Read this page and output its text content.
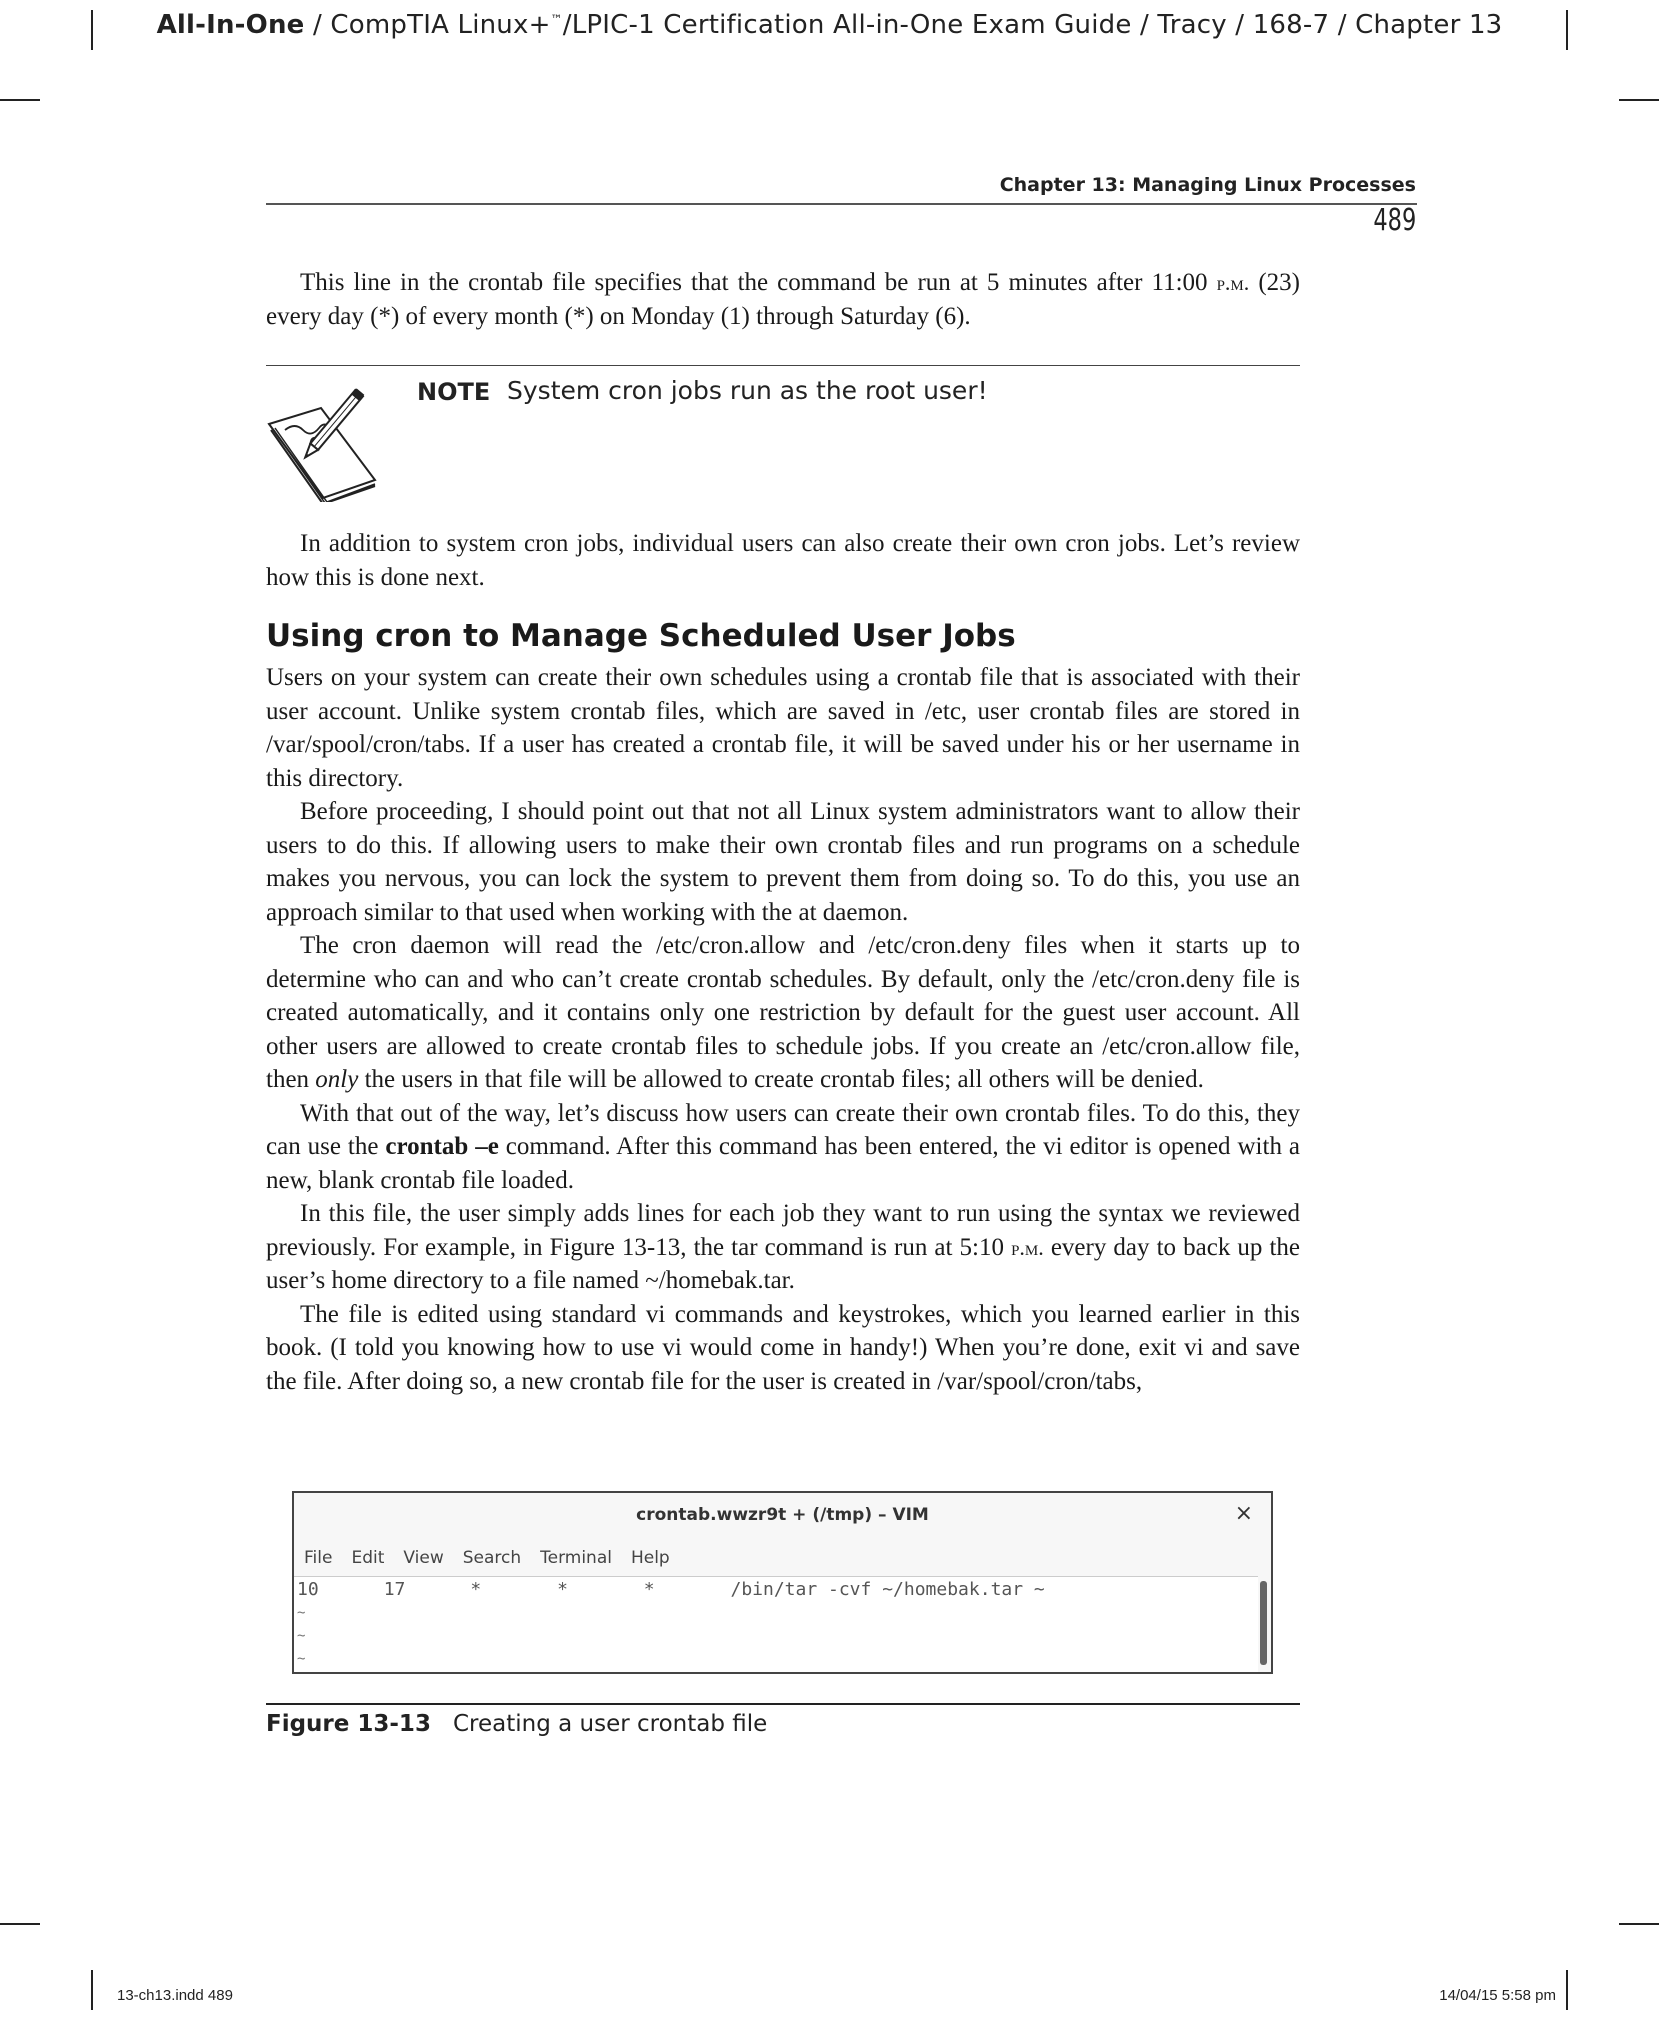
All-In-One / CompTIA Linux+™/LPIC-1 Certification All-in-One Exam Guide / Tracy / 168-7 / Chapter 13
Chapter 13: Managing Linux Processes
489

This line in the crontab file specifies that the command be run at 5 minutes after 11:00 p.m. (23) every day (*) of every month (*) on Monday (1) through Saturday (6).

NOTE System cron jobs run as the root user!

In addition to system cron jobs, individual users can also create their own cron jobs. Let’s review how this is done next.

Using cron to Manage Scheduled User Jobs

Users on your system can create their own schedules using a crontab file that is associated with their user account. Unlike system crontab files, which are saved in /etc, user crontab files are stored in /var/spool/cron/tabs. If a user has created a crontab file, it will be saved under his or her username in this directory.

Before proceeding, I should point out that not all Linux system administrators want to allow their users to do this. If allowing users to make their own crontab files and run programs on a schedule makes you nervous, you can lock the system to prevent them from doing so. To do this, you use an approach similar to that used when working with the at daemon.

The cron daemon will read the /etc/cron.allow and /etc/cron.deny files when it starts up to determine who can and who can’t create crontab schedules. By default, only the /etc/cron.deny file is created automatically, and it contains only one restriction by default for the guest user account. All other users are allowed to create crontab files to schedule jobs. If you create an /etc/cron.allow file, then only the users in that file will be allowed to create crontab files; all others will be denied.

With that out of the way, let’s discuss how users can create their own crontab files. To do this, they can use the crontab –e command. After this command has been entered, the vi editor is opened with a new, blank crontab file loaded.

In this file, the user simply adds lines for each job they want to run using the syntax we reviewed previously. For example, in Figure 13-13, the tar command is run at 5:10 p.m. every day to back up the user’s home directory to a file named ~/homebak.tar.

The file is edited using standard vi commands and keystrokes, which you learned earlier in this book. (I told you knowing how to use vi would come in handy!) When you’re done, exit vi and save the file. After doing so, a new crontab file for the user is created in /var/spool/cron/tabs,

crontab.wwzr9t + (/tmp) – VIM	×
File Edit View Search Terminal Help
10      17      *       *       *       /bin/tar -cvf ~/homebak.tar ~
~
~
~
Figure 13-13 Creating a user crontab file
13-ch13.indd 489	14/04/15 5:58 pm
